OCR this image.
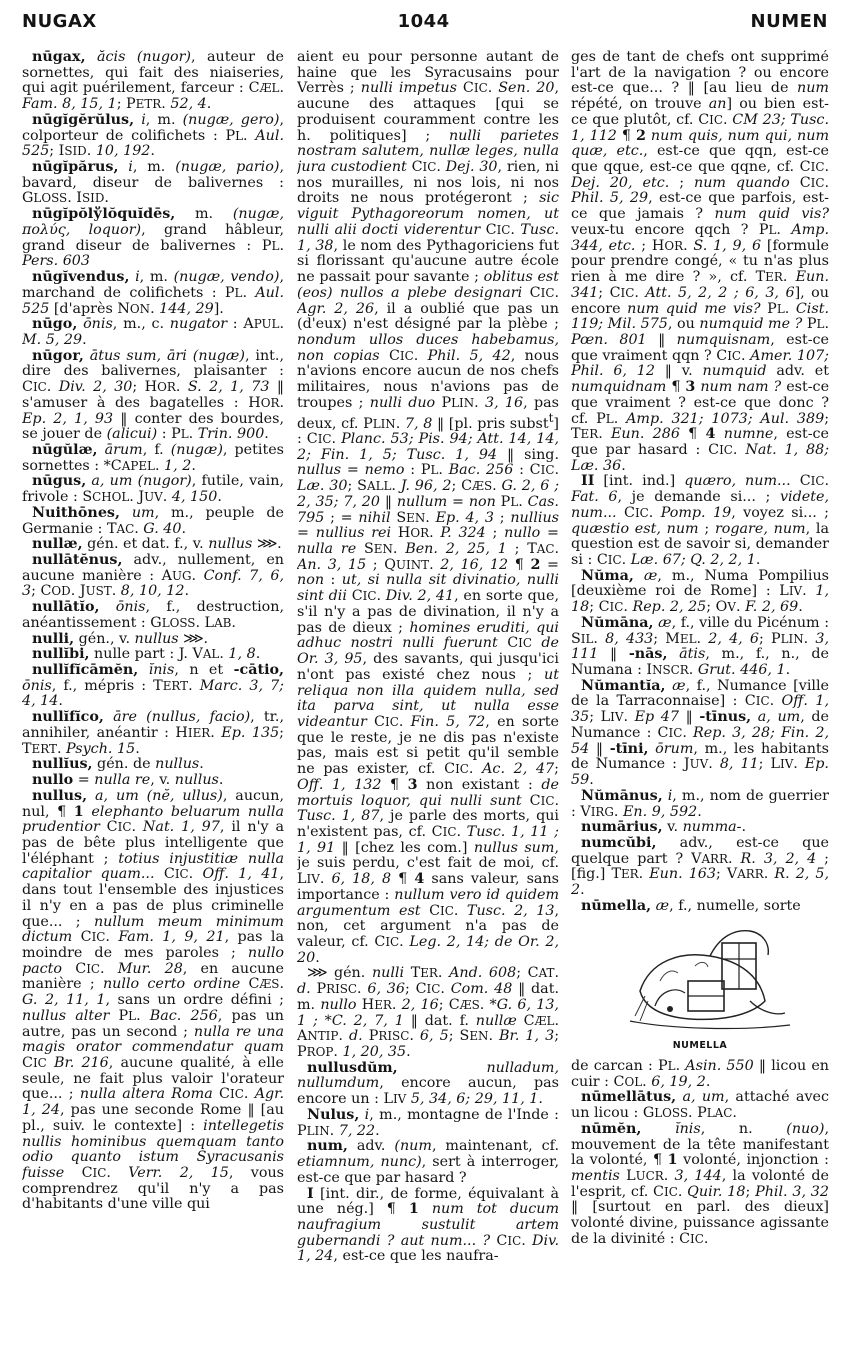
NUGAX	1044	NUMEN

nūgax, ăcis (nugor), auteur de sornettes, qui fait des niaiseries, qui agit puérilement, farceur : CÆL. Fam. 8, 15, 1; PETR. 52, 4.

nūgĭgĕrŭlus, i, m. (nugæ, gero), colporteur de colifichets : PL. Aul. 525; ISID. 10, 192.

nūgĭpărus, i, m. (nugæ, pario), bavard, diseur de balivernes : GLOSS. ISID.

nūgĭpŏlўlŏquĭdēs, m. (nugæ, πολύς, loquor), grand hâbleur, grand diseur de balivernes : PL. Pers. 603

nūgĭvendus, i, m. (nugæ, vendo), marchand de colifichets : PL. Aul. 525 [d'après NON. 144, 29].

nūgo, ōnis, m., c. nugator : APUL. M. 5, 29.

nūgor, ātus sum, āri (nugæ), int., dire des balivernes, plaisanter : CIC. Div. 2, 30; HOR. S. 2, 1, 73 ‖ s'amuser à des bagatelles : HOR. Ep. 2, 1, 93 ‖ conter des bourdes, se jouer de (alicui) : PL. Trin. 900.

nūgŭlæ, ārum, f. (nugæ), petites sornettes : *CAPEL. 1, 2.

nūgus, a, um (nugor), futile, vain, frivole : SCHOL. JUV. 4, 150.

Nuithōnes, um, m., peuple de Germanie : TAC. G. 40.

nullæ, gén. et dat. f., v. nullus ⋙.

nullātĕnus, adv., nullement, en aucune manière : AUG. Conf. 7, 6, 3; COD. JUST. 8, 10, 12.

nullātĭo, ōnis, f., destruction, anéantissement : GLOSS. LAB.

nulli, gén., v. nullus ⋙.

nullĭbi, nulle part : J. VAL. 1, 8.

nullĭfĭcāmĕn, ĭnis, n et -cātio, ōnis, f., mépris : TERT. Marc. 3, 7; 4, 14.

nullĭfĭco, āre (nullus, facio), tr., annihiler, anéantir : HIER. Ep. 135; TERT. Psych. 15.

nullĭus, gén. de nullus.

nullo = nulla re, v. nullus.

nullus, a, um (nĕ, ullus), aucun, nul, ¶ 1 elephanto beluarum nulla prudentior CIC. Nat. 1, 97, il n'y a pas de bête plus intelligente que l'éléphant ; totius injustitiæ nulla capitalior quam... CIC. Off. 1, 41, dans tout l'ensemble des injustices il n'y en a pas de plus criminelle que... ; nullum meum minimum dictum CIC. Fam. 1, 9, 21, pas la moindre de mes paroles ; nullo pacto CIC. Mur. 28, en aucune manière ; nullo certo ordine CÆS. G. 2, 11, 1, sans un ordre défini ; nullus alter PL. Bac. 256, pas un autre, pas un second ; nulla re una magis orator commendatur quam CIC Br. 216, aucune qualité, à elle seule, ne fait plus valoir l'orateur que... ; nulla altera Roma CIC. Agr. 1, 24, pas une seconde Rome ‖ [au pl., suiv. le contexte] : intellegetis nullis hominibus quemquam tanto odio quanto istum Syracusanis fuisse CIC. Verr. 2, 15, vous comprendrez qu'il n'y a pas d'habitants d'une ville qui

aient eu pour personne autant de haine que les Syracusains pour Verrès ; nulli impetus CIC. Sen. 20, aucune des attaques [qui se produisent couramment contre les h. politiques] ; nulli parietes nostram salutem, nullæ leges, nulla jura custodient CIC. Dej. 30, rien, ni nos murailles, ni nos lois, ni nos droits ne nous protégeront ; sic viguit Pythagoreorum nomen, ut nulli alii docti viderentur CIC. Tusc. 1, 38, le nom des Pythagoriciens fut si florissant qu'aucune autre école ne passait pour savante ; oblitus est (eos) nullos a plebe designari CIC. Agr. 2, 26, il a oublié que pas un (d'eux) n'est désigné par la plèbe ; nondum ullos duces habebamus, non copias CIC. Phil. 5, 42, nous n'avions encore aucun de nos chefs militaires, nous n'avions pas de troupes ; nulli duo PLIN. 3, 16, pas deux, cf. PLIN. 7, 8 ‖ [pl. pris subst$^t$] : CIC. Planc. 53; Pis. 94; Att. 14, 14, 2; Fin. 1, 5; Tusc. 1, 94 ‖ sing. nullus = nemo : PL. Bac. 256 : CIC. Læ. 30; SALL. J. 96, 2; CÆS. G. 2, 6 ; 2, 35; 7, 20 ‖ nullum = non PL. Cas. 795 ; = nihil SEN. Ep. 4, 3 ; nullius = nullius rei HOR. P. 324 ; nullo = nulla re SEN. Ben. 2, 25, 1 ; TAC. An. 3, 15 ; QUINT. 2, 16, 12 ¶ 2 = non : ut, si nulla sit divinatio, nulli sint dii CIC. Div. 2, 41, en sorte que, s'il n'y a pas de divination, il n'y a pas de dieux ; homines eruditi, qui adhuc nostri nulli fuerunt CIC de Or. 3, 95, des savants, qui jusqu'ici n'ont pas existé chez nous ; ut reliqua non illa quidem nulla, sed ita parva sint, ut nulla esse videantur CIC. Fin. 5, 72, en sorte que le reste, je ne dis pas n'existe pas, mais est si petit qu'il semble ne pas exister, cf. CIC. Ac. 2, 47; Off. 1, 132 ¶ 3 non existant : de mortuis loquor, qui nulli sunt CIC. Tusc. 1, 87, je parle des morts, qui n'existent pas, cf. CIC. Tusc. 1, 11 ; 1, 91 ‖ [chez les com.] nullus sum, je suis perdu, c'est fait de moi, cf. LIV. 6, 18, 8 ¶ 4 sans valeur, sans importance : nullum vero id quidem argumentum est CIC. Tusc. 2, 13, non, cet argument n'a pas de valeur, cf. CIC. Leg. 2, 14; de Or. 2, 20.

⋙ gén. nulli TER. And. 608; CAT. d. PRISC. 6, 36; CIC. Com. 48 ‖ dat. m. nullo HER. 2, 16; CÆS. *G. 6, 13, 1 ; *C. 2, 7, 1 ‖ dat. f. nullæ CÆL. ANTIP. d. PRISC. 6, 5; SEN. Br. 1, 3; PROP. 1, 20, 35.

nullusdŭm,	nulladum, nullumdum, encore aucun, pas encore un : LIV 5, 34, 6; 29, 11, 1.

Nulus, i, m., montagne de l'Inde : PLIN. 7, 22.

num, adv. (num, maintenant, cf. etiamnum, nunc), sert à interroger, est-ce que par hasard ?

I [int. dir., de forme, équivalant à une nég.] ¶ 1 num tot ducum naufragium sustulit artem gubernandi ? aut num... ? CIC. Div. 1, 24, est-ce que les naufra-

ges de tant de chefs ont supprimé l'art de la navigation ? ou encore est-ce que... ? ‖ [au lieu de num répété, on trouve an] ou bien est-ce que plutôt, cf. CIC. CM 23; Tusc. 1, 112 ¶ 2 num quis, num qui, num quæ, etc., est-ce que qqn, est-ce que qque, est-ce que qqne, cf. CIC. Dej. 20, etc. ; num quando CIC. Phil. 5, 29, est-ce que parfois, est-ce que jamais ? num quid vis? veux-tu encore qqch ? PL. Amp. 344, etc. ; HOR. S. 1, 9, 6 [formule pour prendre congé, « tu n'as plus rien à me dire ? », cf. TER. Eun. 341; CIC. Att. 5, 2, 2 ; 6, 3, 6], ou encore num quid me vis? PL. Cist. 119; Mil. 575, ou numquid me ? PL. Pœn. 801 ‖ numquisnam, est-ce que vraiment qqn ? CIC. Amer. 107; Phil. 6, 12 ‖ v. numquid adv. et numquidnam ¶ 3 num nam ? est-ce que vraiment ? est-ce que donc ? cf. PL. Amp. 321; 1073; Aul. 389; TER. Eun. 286 ¶ 4 numne, est-ce que par hasard : CIC. Nat. 1, 88; Læ. 36.

II [int. ind.] quæro, num... CIC. Fat. 6, je demande si... ; videte, num... CIC. Pomp. 19, voyez si... ; quæstio est, num ; rogare, num, la question est de savoir si, demander si : CIC. Læ. 67; Q. 2, 2, 1.

Nŭma, æ, m., Numa Pompilius [deuxième roi de Rome] : LIV. 1, 18; CIC. Rep. 2, 25; OV. F. 2, 69.

Nŭmāna, æ, f., ville du Picénum : SIL. 8, 433; MEL. 2, 4, 6; PLIN. 3, 111 ‖ -nās, ātis, m., f., n., de Numana : INSCR. Grut. 446, 1.

Nŭmantĭa, æ, f., Numance [ville de la Tarraconnaise] : CIC. Off. 1, 35; LIV. Ep 47 ‖ -tīnus, a, um, de Numance : CIC. Rep. 3, 28; Fin. 2, 54 ‖ -tīni, ōrum, m., les habitants de Numance : JUV. 8, 11; LIV. Ep. 59.

Nŭmānus, i, m., nom de guerrier : VIRG. En. 9, 592.

numārius, v. numma-.

numcŭbi, adv., est-ce que quelque part ? VARR. R. 3, 2, 4 ; [fig.] TER. Eun. 163; VARR. R. 2, 5, 2.

nūmella, æ, f., numelle, sorte

NUMELLA

de carcan : PL. Asin. 550 ‖ licou en cuir : COL. 6, 19, 2.

nūmellātus, a, um, attaché avec un licou : GLOSS. PLAC.

nūmĕn, ĭnis, n. (nuo), mouvement de la tête manifestant la volonté, ¶ 1 volonté, injonction : mentis LUCR. 3, 144, la volonté de l'esprit, cf. CIC. Quir. 18; Phil. 3, 32 ‖ [surtout en parl. des dieux] volonté divine, puissance agissante de la divinité : CIC.
